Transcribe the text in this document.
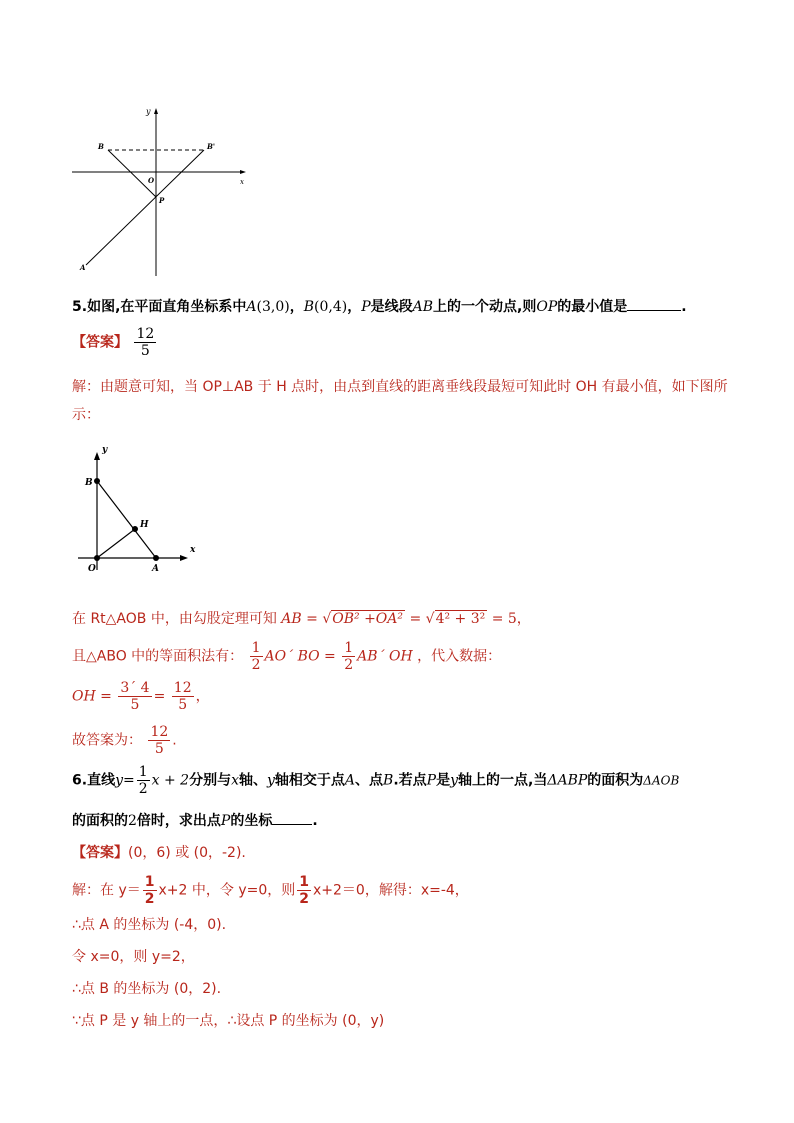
y
B	B'
O	x
P
A
5.如图,在平面直角坐标系中A(3,0)，B(0,4)，P是线段AB上的一个动点,则OP的最小值是	.
【答案】 $\frac{12}{5}$
解：由题意可知，当 OP⊥AB 于 H 点时，由点到直线的距离垂线段最短可知此时 OH 有最小值，如下图所
示：
y
B
H
x
O	A
在 Rt△AOB 中，由勾股定理可知 AB = √OB² +OA² = √4² + 3² = 5，
且△ABO 中的等面积法有： $\frac{1}{2}$ AO´ BO = $\frac{1}{2}$ AB´ OH ，代入数据：
OH = $\frac{3´ 4}{5} = \frac{12}{5}$ ，
故答案为： $\frac{12}{5}$ .
6.直线$y= \frac{1}{2}$ x + 2分别与x轴、y轴相交于点A、点B.若点P是y轴上的一点,当ΔABP的面积为ΔAOB
的面积的2倍时，求出点P的坐标	.
【答案】(0，6) 或 (0，-2).
解：在 $y= \frac{1}{2} x+2$ 中，令 y=0，则 $\frac{1}{2} x+2=0$，解得：x=-4，
∴点 A 的坐标为 (-4，0).
令 x=0，则 y=2，
∴点 B 的坐标为 (0，2).
∵点 P 是 y 轴上的一点，∴设点 P 的坐标为 (0，y)
